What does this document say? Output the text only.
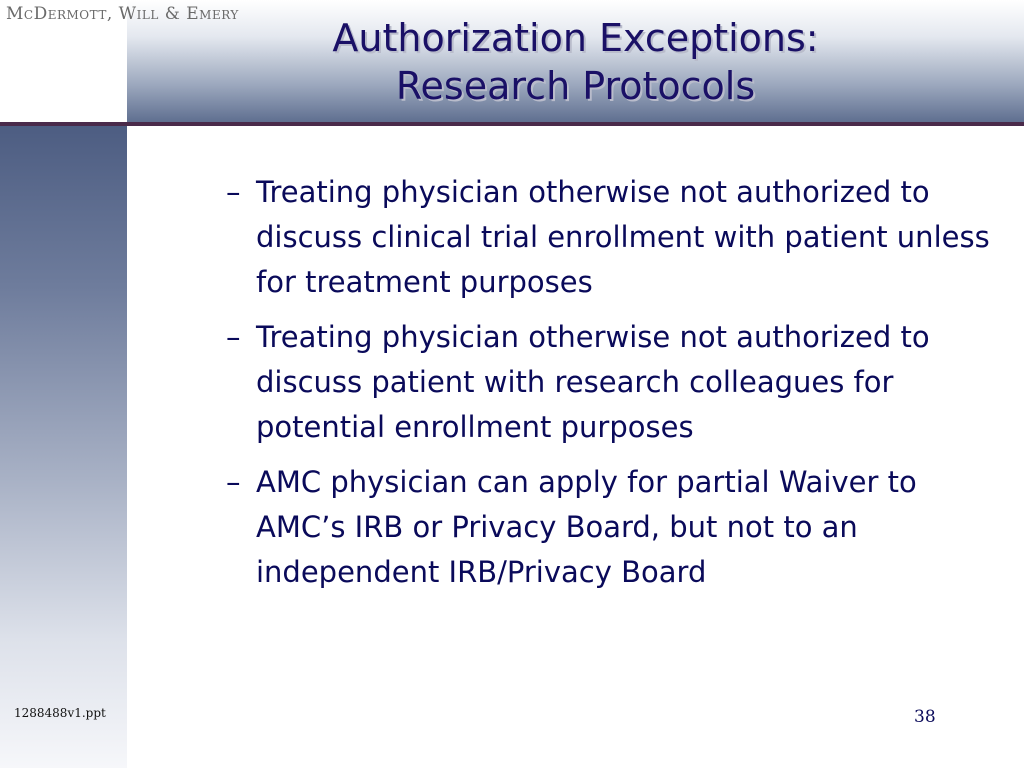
McDermott, Will & Emery
Authorization Exceptions:
Research Protocols
– Treating physician otherwise not authorized to discuss clinical trial enrollment with patient unless for treatment purposes
– Treating physician otherwise not authorized to discuss patient with research colleagues for potential enrollment purposes
– AMC physician can apply for partial Waiver to AMC’s IRB or Privacy Board, but not to an independent IRB/Privacy Board
1288488v1.ppt	38
